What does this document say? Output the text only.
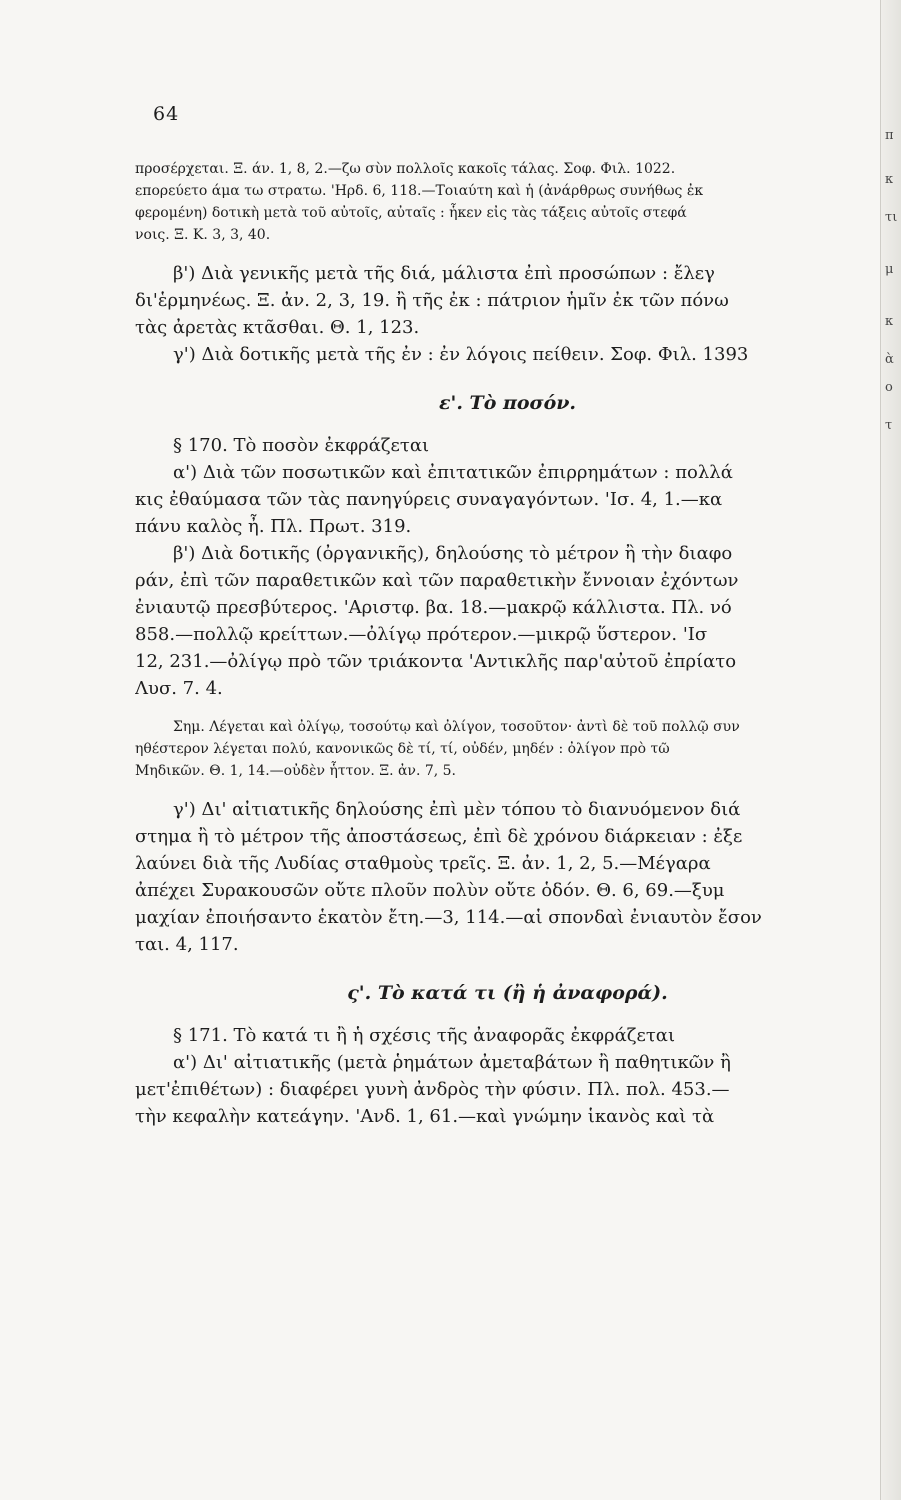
64
προσέρχεται. Ξ. άν. 1, 8, 2.—ζω σὺν πολλοῖς κακοῖς τάλας. Σοφ. Φιλ. 1022.
επορεύετο άμα τω στρατω. 'Ηρδ. 6, 118.—Τοιαύτη καὶ ἡ (ἀνάρθρως συνήθως ἐκ
φερομένη) δοτικὴ μετὰ τοῦ αὐτοῖς, αὐταῖς : ἧκεν εἰς τὰς τάξεις αὐτοῖς στεφά
νοις. Ξ. Κ. 3, 3, 40.
β') Διὰ γενικῆς μετὰ τῆς διά, μάλιστα ἐπὶ προσώπων : ἔλεγ
δι'ἑρμηνέως. Ξ. ἀν. 2, 3, 19. ἢ τῆς ἐκ : πάτριον ἡμῖν ἐκ τῶν πόνω
τὰς ἀρετὰς κτᾶσθαι. Θ. 1, 123.
γ') Διὰ δοτικῆς μετὰ τῆς ἐν : ἐν λόγοις πείθειν. Σοφ. Φιλ. 1393
ε'. Τὸ ποσόν.
§ 170. Τὸ ποσὸν ἐκφράζεται
α') Διὰ τῶν ποσωτικῶν καὶ ἐπιτατικῶν ἐπιρρημάτων : πολλά
κις ἐθαύμασα τῶν τὰς πανηγύρεις συναγαγόντων. 'Ισ. 4, 1.—κα
πάνυ καλὸς ἦ. Πλ. Πρωτ. 319.
β') Διὰ δοτικῆς (ὀργανικῆς), δηλούσης τὸ μέτρον ἢ τὴν διαφο
ράν, ἐπὶ τῶν παραθετικῶν καὶ τῶν παραθετικὴν ἔννοιαν ἐχόντων
ἐνιαυτῷ πρεσβύτερος. 'Αριστφ. βα. 18.—μακρῷ κάλλιστα. Πλ. νό
858.—πολλῷ κρείττων.—ὀλίγῳ πρότερον.—μικρῷ ὕστερον. 'Ισ
12, 231.—ὀλίγῳ πρὸ τῶν τριάκοντα 'Αντικλῆς παρ'αὐτοῦ ἐπρίατο
Λυσ. 7. 4.
Σημ. Λέγεται καὶ ὀλίγῳ, τοσούτῳ καὶ ὀλίγον, τοσοῦτον· ἀντὶ δὲ τοῦ πολλῷ συν
ηθέστερον λέγεται πολύ, κανονικῶς δὲ τί, τί, οὐδέν, μηδέν : ὀλίγον πρὸ τῶ
Μηδικῶν. Θ. 1, 14.—οὐδὲν ἧττον. Ξ. ἀν. 7, 5.
γ') Δι' αἰτιατικῆς δηλούσης ἐπὶ μὲν τόπου τὸ διανυόμενον διά
στημα ἢ τὸ μέτρον τῆς ἀποστάσεως, ἐπὶ δὲ χρόνου διάρκειαν : ἐξε
λαύνει διὰ τῆς Λυδίας σταθμοὺς τρεῖς. Ξ. ἀν. 1, 2, 5.—Μέγαρα
ἀπέχει Συρακουσῶν οὔτε πλοῦν πολὺν οὔτε ὁδόν. Θ. 6, 69.—ξυμ
μαχίαν ἐποιήσαντο ἑκατὸν ἔτη.—3, 114.—αἱ σπονδαὶ ἐνιαυτὸν ἔσον
ται. 4, 117.
ς'. Τὸ κατά τι (ἢ ἡ ἀναφορά).
§ 171. Τὸ κατά τι ἢ ἡ σχέσις τῆς ἀναφορᾶς ἐκφράζεται
α') Δι' αἰτιατικῆς (μετὰ ῥημάτων ἀμεταβάτων ἢ παθητικῶν ἢ
μετ'ἐπιθέτων) : διαφέρει γυνὴ ἀνδρὸς τὴν φύσιν. Πλ. πολ. 453.—
τὴν κεφαλὴν κατεάγην. 'Ανδ. 1, 61.—καὶ γνώμην ἱκανὸς καὶ τὰ
π
κ
τι
μ
κ
ὰ
ο
τ
